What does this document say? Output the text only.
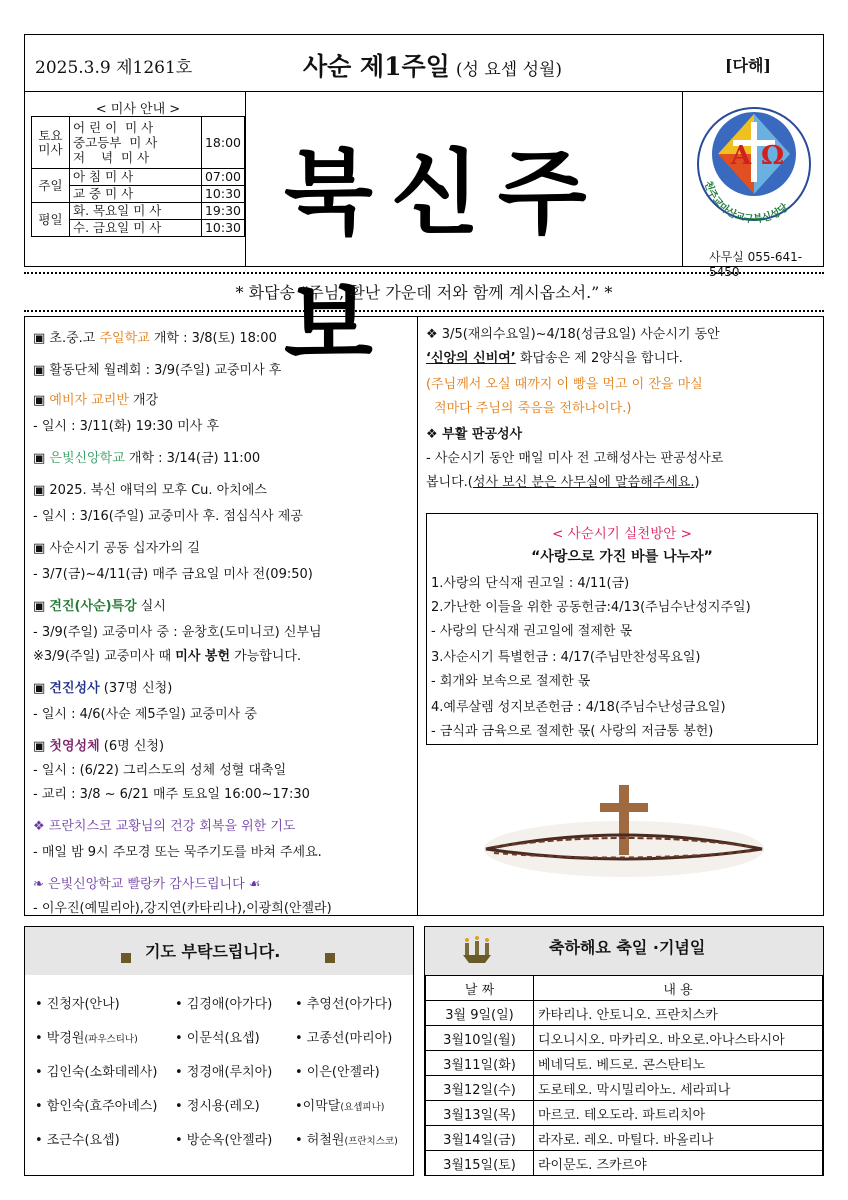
2025.3.9 제1261호	사순 제1주일 (성 요셉 성월)	[다해]
< 미사 안내 >
토요
미사	어 린 이  미 사
중고등부  미 사
저    녁  미 사	18:00
주일	아 침 미 사	07:00
	교 중 미 사	10:30
평일	화. 목요일 미 사	19:30
	수. 금요일 미 사	10:30 북신주보
A Ω
천주교마산교구북신성당
사무실 055-641-5450
* 화답송 “주님, 환난 가운데 저와 함께 계시옵소서.” *
▣ 초.중.고 주일학교 개학 : 3/8(토) 18:00
▣ 활동단체 월례회 : 3/9(주일) 교중미사 후
▣ 예비자 교리반 개강
- 일시 : 3/11(화) 19:30 미사 후
▣ 은빛신앙학교 개학 : 3/14(금) 11:00
▣ 2025. 북신 애덕의 모후 Cu. 아치에스
- 일시 : 3/16(주일) 교중미사 후. 점심식사 제공
▣ 사순시기 공동 십자가의 길
- 3/7(금)~4/11(금) 매주 금요일 미사 전(09:50)
▣ 견진(사순)특강 실시
- 3/9(주일) 교중미사 중 : 윤창호(도미니코) 신부님
※3/9(주일) 교중미사 때 미사 봉헌 가능합니다.
▣ 견진성사 (37명 신청)
- 일시 : 4/6(사순 제5주일) 교중미사 중
▣ 첫영성체 (6명 신청)
- 일시 : (6/22) 그리스도의 성체 성혈 대축일
- 교리 : 3/8 ~ 6/21 매주 토요일 16:00~17:30
❖ 프란치스코 교황님의 건강 회복을 위한 기도
- 매일 밤 9시 주모경 또는 묵주기도를 바쳐 주세요.
❧ 은빛신앙학교 빨랑카 감사드립니다 ☙
- 이우진(예밀리아),강지연(카타리나),이광희(안젤라)
❖ 3/5(재의수요일)~4/18(성금요일) 사순시기 동안
‘신앙의 신비여’ 화답송은 제 2양식을 합니다.
(주님께서 오실 때까지 이 빵을 먹고 이 잔을 마실
적마다 주님의 죽음을 전하나이다.)
❖ 부활 판공성사
- 사순시기 동안 매일 미사 전 고해성사는 판공성사로
봅니다.(성사 보신 분은 사무실에 말씀해주세요.)
< 사순시기 실천방안 >
“사랑으로 가진 바를 나누자”
1.사랑의 단식재 권고일 : 4/11(금)
2.가난한 이들을 위한 공동헌금:4/13(주님수난성지주일)
- 사랑의 단식재 권고일에 절제한 몫
3.사순시기 특별헌금 : 4/17(주님만찬성목요일)
- 회개와 보속으로 절제한 몫
4.예루살렘 성지보존헌금 : 4/18(주님수난성금요일)
- 금식과 금육으로 절제한 몫( 사랑의 저금통 봉헌)
기도 부탁드립니다.
• 진청자(안나)	• 김경애(아가다) • 추영선(아가다)
• 박경원(파우스티나)	• 이문석(요셉)	• 고종선(마리아)
• 김인숙(소화데레사) • 정경애(루치아) • 이은(안젤라)
• 함인숙(효주아녜스) • 정시용(레오)	•이막달(요셉피나)
• 조근수(요셉)	• 방순옥(안젤라) • 허철원(프란치스코)
축하해요 축일 ·기념일
날 짜	내 용
3월 9일(일)	카타리나. 안토니오. 프란치스카
3월10일(월)	디오니시오. 마카리오. 바오로.아나스타시아
3월11일(화)	베네딕토. 베드로. 콘스탄티노
3월12일(수)	도로테오. 막시밀리아노. 세라피나
3월13일(목)	마르코. 테오도라. 파트리치아
3월14일(금)	라자로. 레오. 마틸다. 바올리나
3월15일(토)	라이문도. 즈카르야
